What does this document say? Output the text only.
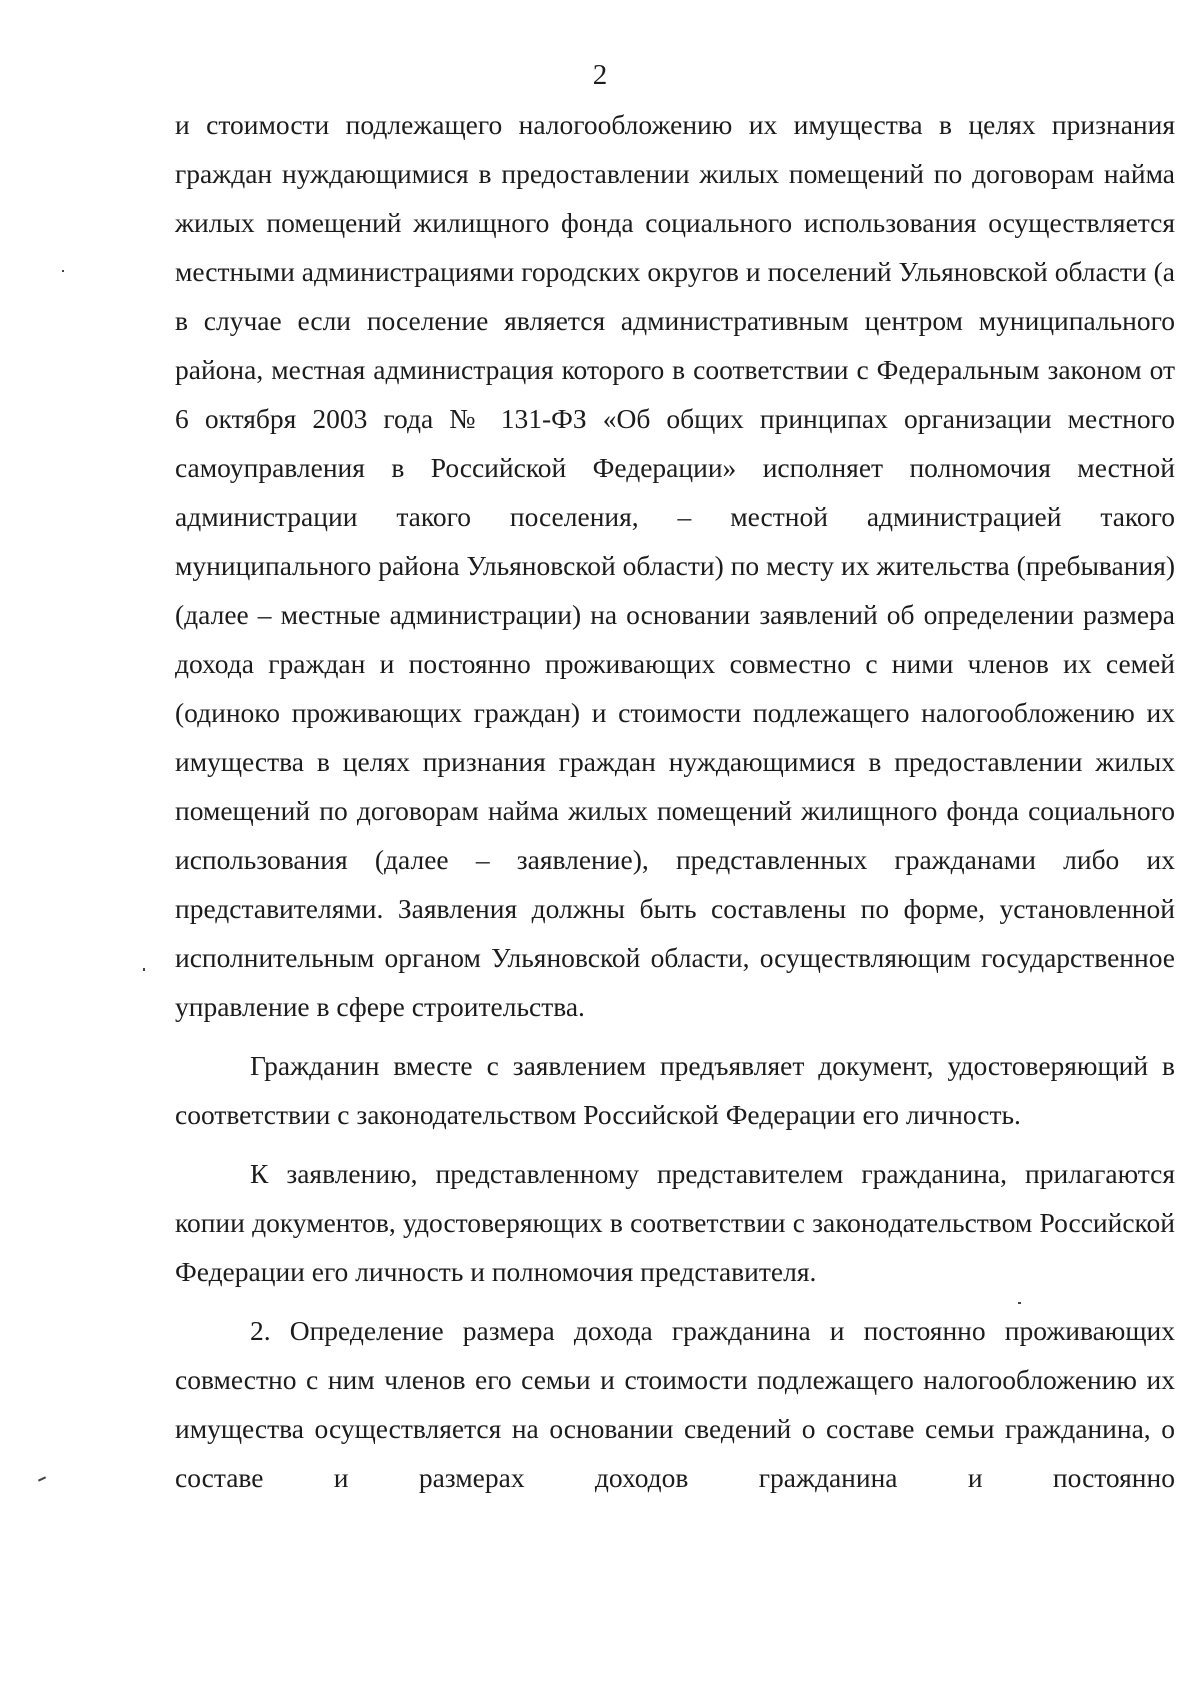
2

и стоимости подлежащего налогообложению их имущества в целях признания граждан нуждающимися в предоставлении жилых помещений по договорам найма жилых помещений жилищного фонда социального использования осуществляется местными администрациями городских округов и поселений Ульяновской области (а в случае если поселение является административным центром муниципального района, местная администрация которого в соответствии с Федеральным законом от 6 октября 2003 года № 131-ФЗ «Об общих принципах организации местного самоуправления в Российской Федерации» исполняет полномочия местной администрации такого поселения, – местной администрацией такого муниципального района Ульяновской области) по месту их жительства (пребывания) (далее – местные администрации) на основании заявлений об определении размера дохода граждан и постоянно проживающих совместно с ними членов их семей (одиноко проживающих граждан) и стоимости подлежащего налогообложению их имущества в целях признания граждан нуждающимися в предоставлении жилых помещений по договорам найма жилых помещений жилищного фонда социального использования (далее – заявление), представленных гражданами либо их представителями. Заявления должны быть составлены по форме, установленной исполнительным органом Ульяновской области, осуществляющим государственное управление в сфере строительства.

Гражданин вместе с заявлением предъявляет документ, удостоверяющий в соответствии с законодательством Российской Федерации его личность.

К заявлению, представленному представителем гражданина, прилагаются копии документов, удостоверяющих в соответствии с законодательством Российской Федерации его личность и полномочия представителя.

2. Определение размера дохода гражданина и постоянно проживающих совместно с ним членов его семьи и стоимости подлежащего налогообложению их имущества осуществляется на основании сведений о составе семьи гражданина, о составе и размерах доходов гражданина и постоянно
